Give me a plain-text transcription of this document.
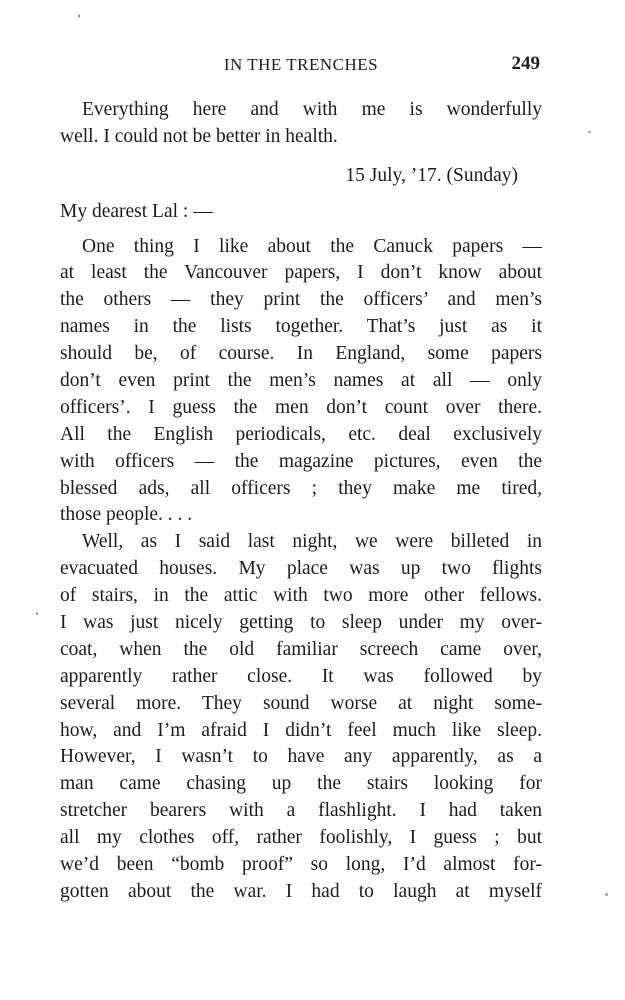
IN THE TRENCHES	249
Everything here and with me is wonderfully
well. I could not be better in health.
15 July, ’17. (Sunday)
My dearest Lal : —
One thing I like about the Canuck papers —
at least the Vancouver papers, I don’t know about
the others — they print the officers’ and men’s
names in the lists together. That’s just as it
should be, of course. In England, some papers
don’t even print the men’s names at all — only
officers’. I guess the men don’t count over there.
All the English periodicals, etc. deal exclusively
with officers — the magazine pictures, even the
blessed ads, all officers ; they make me tired,
those people. . . .
Well, as I said last night, we were billeted in
evacuated houses. My place was up two flights
of stairs, in the attic with two more other fellows.
I was just nicely getting to sleep under my over-
coat, when the old familiar screech came over,
apparently rather close. It was followed by
several more. They sound worse at night some-
how, and I’m afraid I didn’t feel much like sleep.
However, I wasn’t to have any apparently, as a
man came chasing up the stairs looking for
stretcher bearers with a flashlight. I had taken
all my clothes off, rather foolishly, I guess ; but
we’d been “bomb proof” so long, I’d almost for-
gotten about the war. I had to laugh at myself
